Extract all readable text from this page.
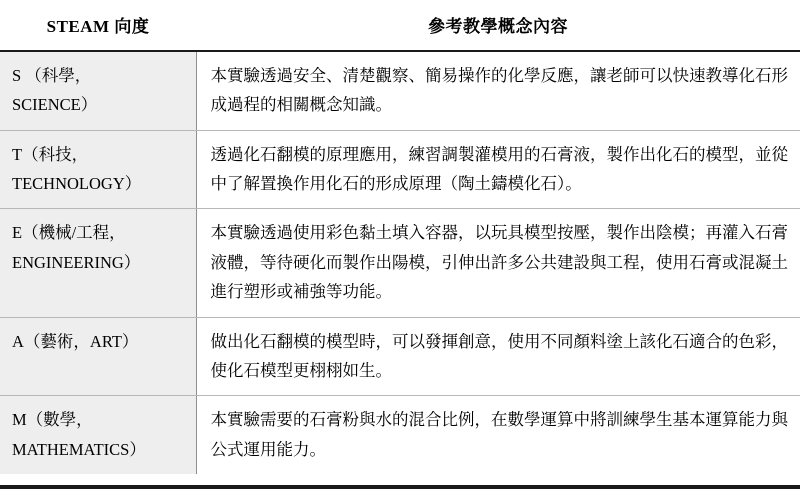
STEAM 向度	參考教學概念內容

S （科學，
SCIENCE）	本實驗透過安全、清楚觀察、簡易操作的化學反應，讓老師可以快速教導化石形成過程的相關概念知識。

T（科技，
TECHNOLOGY）	透過化石翻模的原理應用，練習調製灌模用的石膏液，製作出化石的模型，並從中了解置換作用化石的形成原理（陶土鑄模化石）。

E（機械/工程，
ENGINEERING）	本實驗透過使用彩色黏土填入容器，以玩具模型按壓，製作出陰模；再灌入石膏液體，等待硬化而製作出陽模，引伸出許多公共建設與工程，使用石膏或混凝土進行塑形或補強等功能。

A（藝術，ART）	做出化石翻模的模型時，可以發揮創意，使用不同顏料塗上該化石適合的色彩，使化石模型更栩栩如生。

M（數學，
MATHEMATICS）	本實驗需要的石膏粉與水的混合比例，在數學運算中將訓練學生基本運算能力與公式運用能力。
